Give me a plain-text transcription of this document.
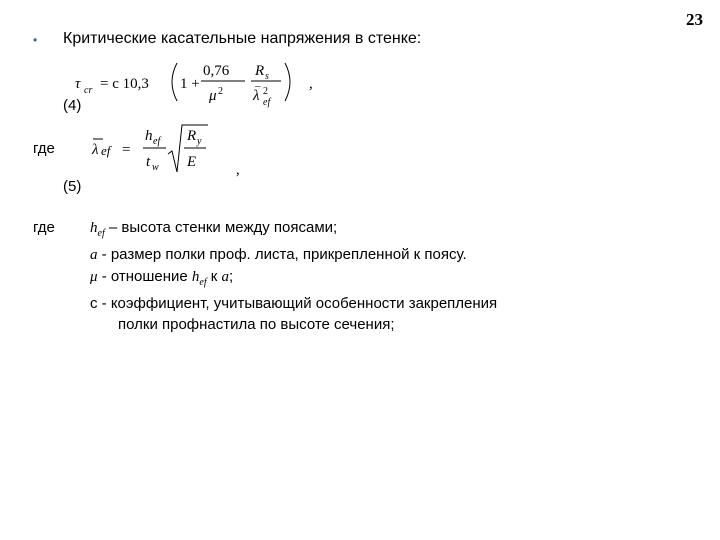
23
• Критические касательные напряжения в стенке:
τ cr = c 10,3 1 +
0,76
μ 2
R s
–
λ 2
ef
,
(4)
где λ ef =
h ef
t w
R y
E	,
(5)
где $h_{ef}$ – высота стенки между поясами;
a - размер полки проф. листа, прикрепленной к поясу.
μ - отношение $h_{ef}$ к a;
c - коэффициент, учитывающий особенности закрепления
полки профнастила по высоте сечения;
